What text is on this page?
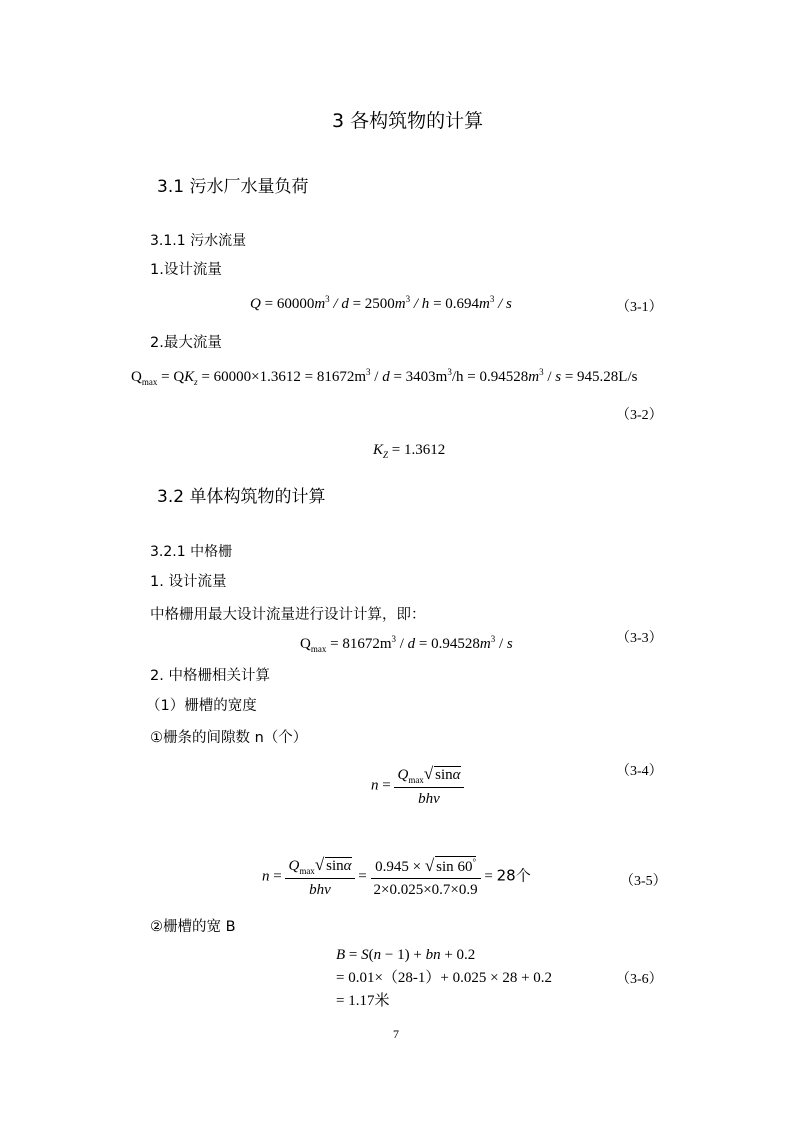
3 各构筑物的计算
3.1 污水厂水量负荷
3.1.1 污水流量
1.设计流量
$Q = 60000m^3 / d = 2500m^3 / h = 0.694m^3 / s$	（3-1）
2.最大流量
$Q_{max} = QK_z = 60000\times 1.3612 = 81672m^3 / d = 3403m^3/h = 0.94528m^3 / s = 945.28L/s$
（3-2）
$K_Z = 1.3612$
3.2 单体构筑物的计算
3.2.1 中格栅
1. 设计流量
中格栅用最大设计流量进行设计计算，即：
$Q_{max} = 81672m^3 / d = 0.94528m^3 / s$	（3-3）
2. 中格栅相关计算
（1）栅槽的宽度
①栅条的间隙数 n（个）
$n = \frac{Q_{max}√ \sin\alpha}{\text{bhv}}$	（3-4）
$n = \frac{Q_{max}√ \sin\alpha}{\text{bhv}} = \frac{0.945 \times √ \sin 60^\circ}{2\times 0.025\times 0.7\times 0.9} = 28$个	（3-5）
②栅槽的宽 B
B = S(n − 1) + bn + 0.2
= 0.01×（28-1）+ 0.025 × 28 + 0.2
= 1.17米
（3-6）
7
